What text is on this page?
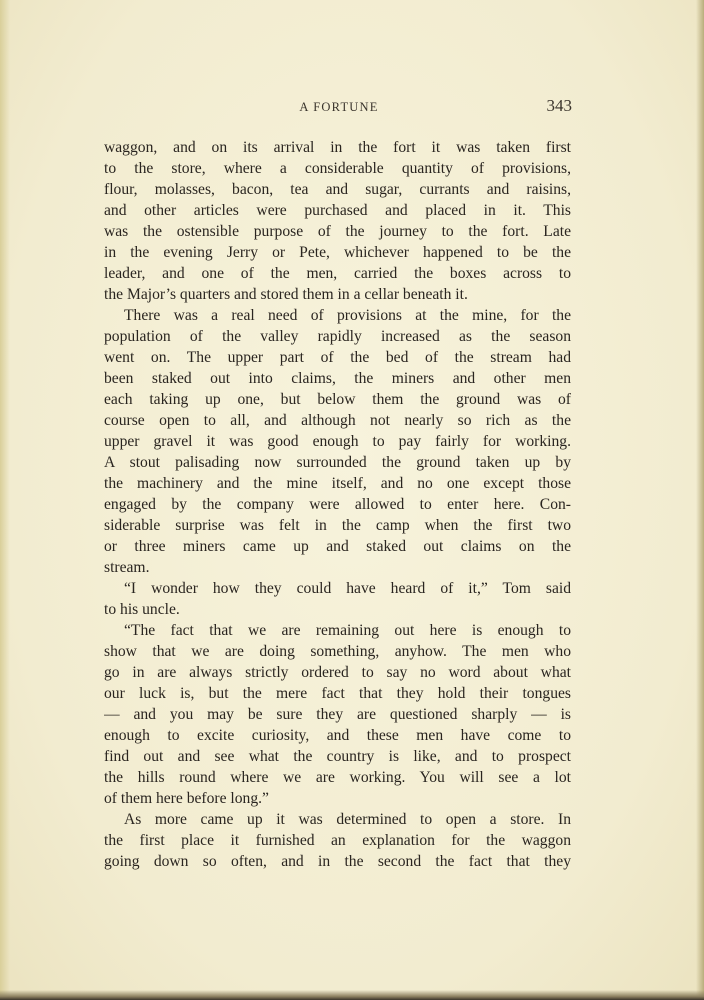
A FORTUNE	343
waggon, and on its arrival in the fort it was taken first
to the store, where a considerable quantity of provisions,
flour, molasses, bacon, tea and sugar, currants and raisins,
and other articles were purchased and placed in it. This
was the ostensible purpose of the journey to the fort. Late
in the evening Jerry or Pete, whichever happened to be the
leader, and one of the men, carried the boxes across to
the Major’s quarters and stored them in a cellar beneath it.
There was a real need of provisions at the mine, for the
population of the valley rapidly increased as the season
went on. The upper part of the bed of the stream had
been staked out into claims, the miners and other men
each taking up one, but below them the ground was of
course open to all, and although not nearly so rich as the
upper gravel it was good enough to pay fairly for working.
A stout palisading now surrounded the ground taken up by
the machinery and the mine itself, and no one except those
engaged by the company were allowed to enter here. Con-
siderable surprise was felt in the camp when the first two
or three miners came up and staked out claims on the
stream.
“I wonder how they could have heard of it,” Tom said
to his uncle.
“The fact that we are remaining out here is enough to
show that we are doing something, anyhow. The men who
go in are always strictly ordered to say no word about what
our luck is, but the mere fact that they hold their tongues
— and you may be sure they are questioned sharply — is
enough to excite curiosity, and these men have come to
find out and see what the country is like, and to prospect
the hills round where we are working. You will see a lot
of them here before long.”
As more came up it was determined to open a store. In
the first place it furnished an explanation for the waggon
going down so often, and in the second the fact that they
